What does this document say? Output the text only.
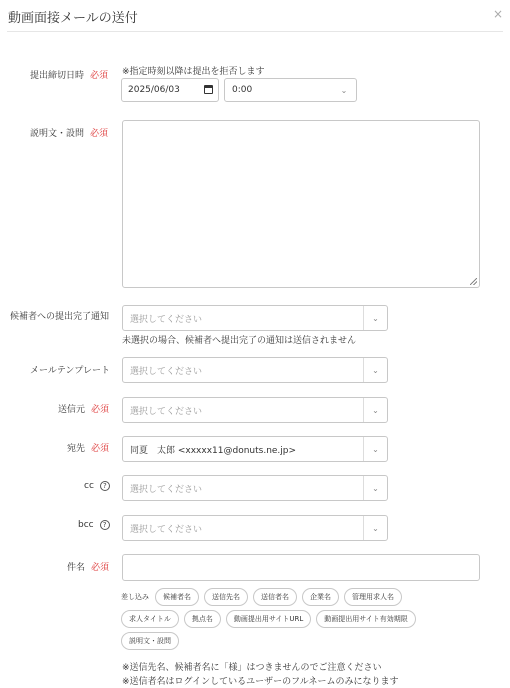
動画面接メールの送付	×
提出締切日時 必須 ※指定時刻以降は提出を拒否します
2025/06/03	0:00	⌄
説明文・設問 必須
候補者への提出完了通知	選択してください	⌄
未選択の場合、候補者へ提出完了の通知は送信されません
メールテンプレート	選択してください	⌄
送信元 必須	選択してください	⌄
宛先 必須	同夏　太郎 <xxxxx11@donuts.ne.jp>	⌄
cc ?	選択してください	⌄
bcc ?	選択してください	⌄
件名 必須
差し込み	候補者名	送信先名	送信者名	企業名	管理用求人名
求人タイトル	拠点名	動画提出用サイトURL	動画提出用サイト有効期限
説明文・設問
※送信先名、候補者名に「様」はつきませんのでご注意ください
※送信者名はログインしているユーザーのフルネームのみになります
